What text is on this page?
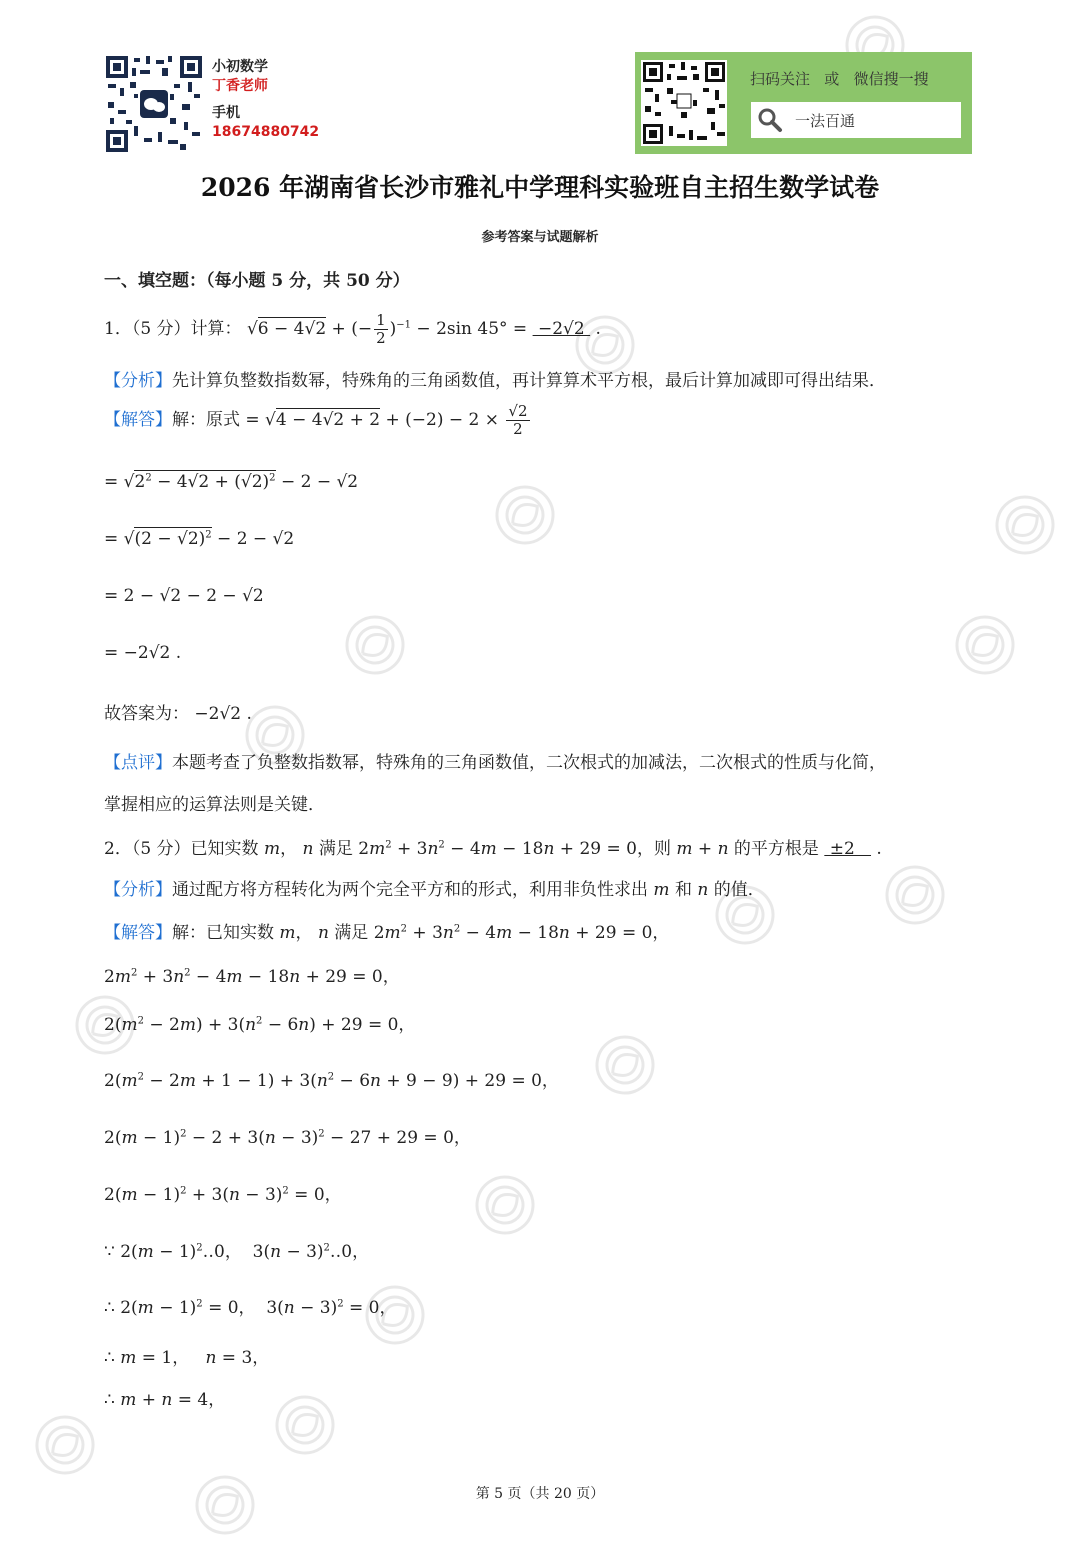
小初数学
丁香老师
手机
18674880742
扫码关注   或   微信搜一搜
一法百通
2026 年湖南省长沙市雅礼中学理科实验班自主招生数学试卷
参考答案与试题解析
一、填空题：（每小题 5 分，共 50 分）
1．（5 分）计算： √6 − 4√2 + (− $\frac{1}{2} )^{-1} - 2\sin$ 45° =  −2√2  .
【分析】先计算负整数指数幂，特殊角的三角函数值，再计算算术平方根，最后计算加减即可得出结果．
【解答】解：原式 = $√4 - 4√2 + 2 + (-2) - 2 \times \frac{√2}{2}$
= $√2^2 - 4√2 + (√2)^2 - 2 - √2$
= $√(2 - √2)^2 - 2 - √2$
= 2 − √2 − 2 − √2
= −2√2 .
故答案为： −2√2 .
【点评】本题考查了负整数指数幂，特殊角的三角函数值，二次根式的加减法，二次根式的性质与化简，
掌握相应的运算法则是关键．
2．（5 分）已知实数 m， n 满足 $2m^2 + 3n^2 - 4m - 18n + 29 = 0$，则 m + n 的平方根是  ±2    .
【分析】通过配方将方程转化为两个完全平方和的形式，利用非负性求出 m 和 n 的值．
【解答】解：已知实数 m， n 满足 $2m^2 + 3n^2 - 4m - 18n + 29 = 0$，
$2m^2 + 3n^2 - 4m - 18n + 29 = 0$，
$2(m^2 - 2m) + 3(n^2 - 6n) + 29 = 0$，
$2(m^2 - 2m + 1 - 1) + 3(n^2 - 6n + 9 - 9) + 29 = 0$，
$2(m - 1)^2 - 2 + 3(n - 3)^2 - 27 + 29 = 0$，
$2(m - 1)^2 + 3(n - 3)^2 = 0$，
∵ $2(m - 1)^2‥0$，  $3(n - 3)^2‥0$，
∴ $2(m - 1)^2 = 0$，  $3(n - 3)^2 = 0$，
∴ m = 1，   n = 3，
∴ m + n = 4，
第 5 页（共 20 页）
